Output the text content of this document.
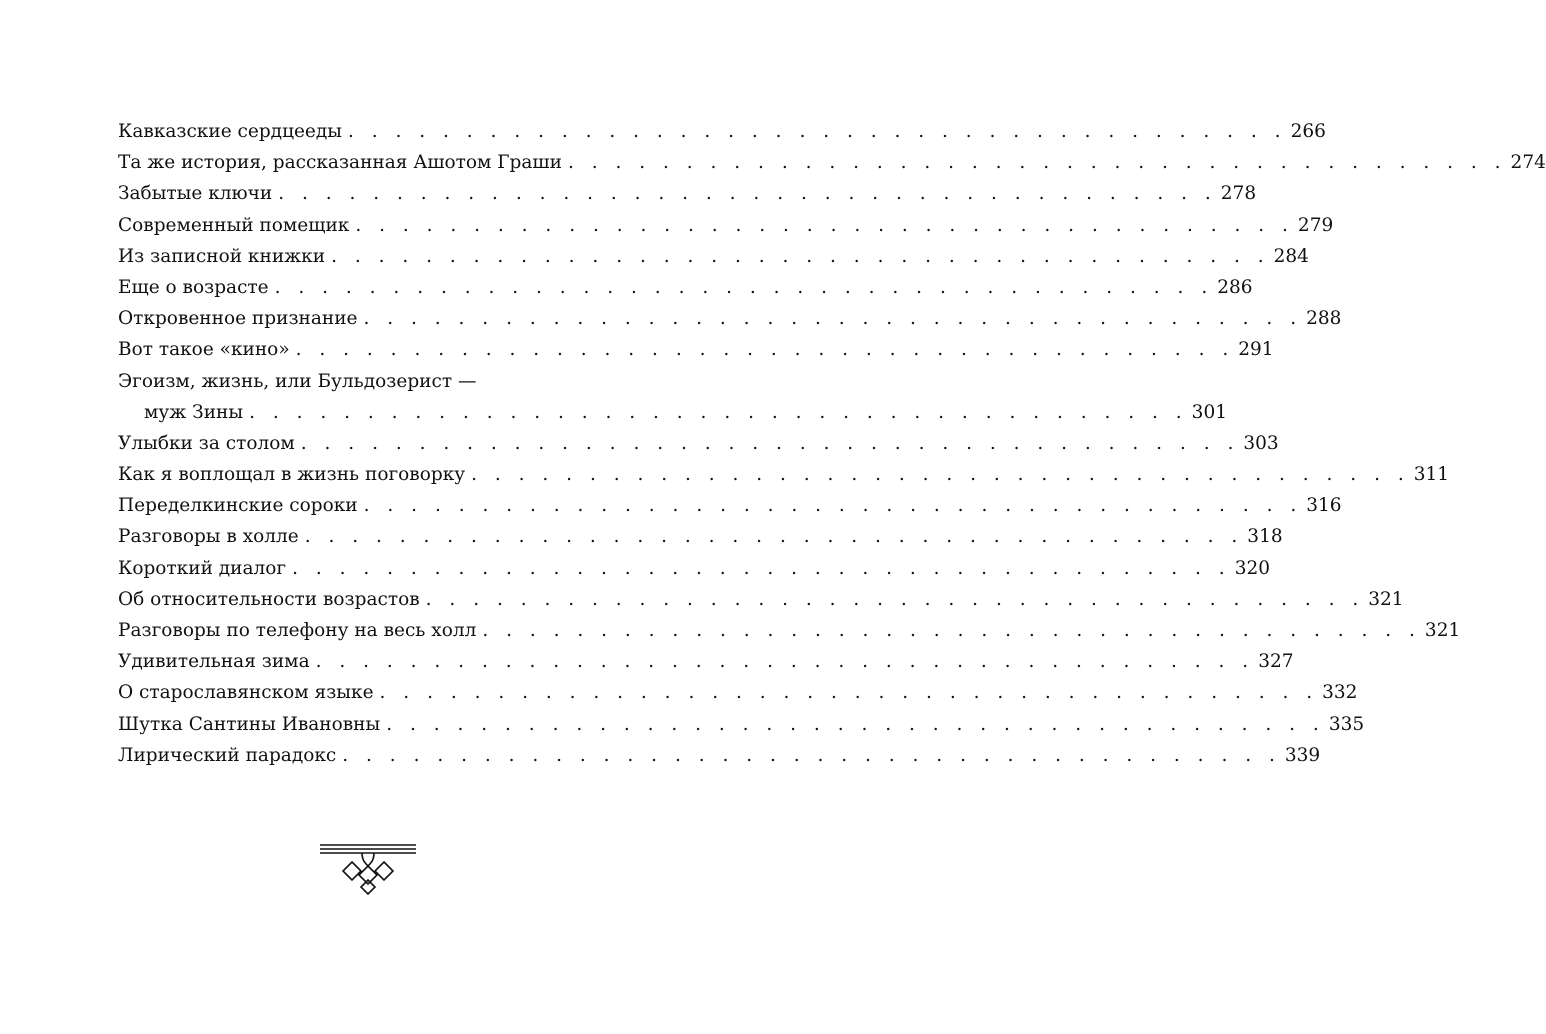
Кавказские сердцееды . . . . . . . . . . . . . . . . . . . . . . . . . . . . . . . . . . . . . . . . 266
Та же история, рассказанная Ашотом Граши . . . . . . . . . . . . . . . . . . . . . . . . . . . . . . . . . . . . . . . . 274
Забытые ключи . . . . . . . . . . . . . . . . . . . . . . . . . . . . . . . . . . . . . . . . 278
Современный помещик . . . . . . . . . . . . . . . . . . . . . . . . . . . . . . . . . . . . . . . . 279
Из записной книжки . . . . . . . . . . . . . . . . . . . . . . . . . . . . . . . . . . . . . . . . 284
Еще о возрасте . . . . . . . . . . . . . . . . . . . . . . . . . . . . . . . . . . . . . . . . 286
Откровенное признание . . . . . . . . . . . . . . . . . . . . . . . . . . . . . . . . . . . . . . . . 288
Вот такое «кино» . . . . . . . . . . . . . . . . . . . . . . . . . . . . . . . . . . . . . . . . 291
Эгоизм, жизнь, или Бульдозерист —
муж Зины . . . . . . . . . . . . . . . . . . . . . . . . . . . . . . . . . . . . . . . . 301
Улыбки за столом . . . . . . . . . . . . . . . . . . . . . . . . . . . . . . . . . . . . . . . . 303
Как я воплощал в жизнь поговорку . . . . . . . . . . . . . . . . . . . . . . . . . . . . . . . . . . . . . . . . 311
Переделкинские сороки . . . . . . . . . . . . . . . . . . . . . . . . . . . . . . . . . . . . . . . . 316
Разговоры в холле . . . . . . . . . . . . . . . . . . . . . . . . . . . . . . . . . . . . . . . . 318
Короткий диалог . . . . . . . . . . . . . . . . . . . . . . . . . . . . . . . . . . . . . . . . 320
Об относительности возрастов . . . . . . . . . . . . . . . . . . . . . . . . . . . . . . . . . . . . . . . . 321
Разговоры по телефону на весь холл . . . . . . . . . . . . . . . . . . . . . . . . . . . . . . . . . . . . . . . . 321
Удивительная зима . . . . . . . . . . . . . . . . . . . . . . . . . . . . . . . . . . . . . . . . 327
О старославянском языке . . . . . . . . . . . . . . . . . . . . . . . . . . . . . . . . . . . . . . . . 332
Шутка Сантины Ивановны . . . . . . . . . . . . . . . . . . . . . . . . . . . . . . . . . . . . . . . . 335
Лирический парадокс . . . . . . . . . . . . . . . . . . . . . . . . . . . . . . . . . . . . . . . . 339
